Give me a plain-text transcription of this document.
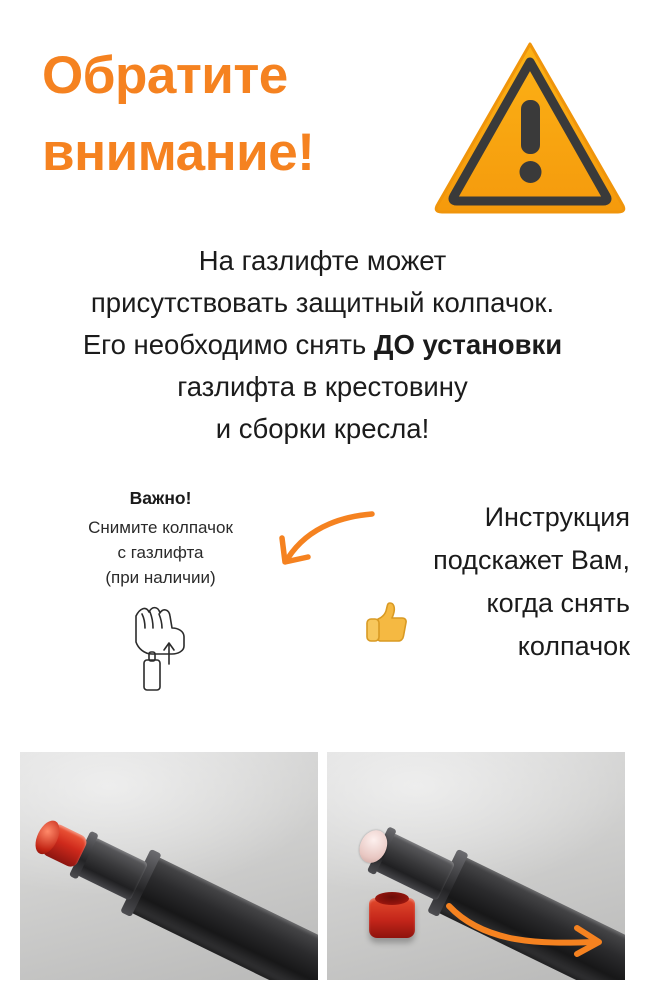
Обратите
внимание!
На газлифте может
присутствовать защитный колпачок.
Его необходимо снять ДО установки
газлифта в крестовину
и сборки кресла!
Важно!
Снимите колпачок
с газлифта
(при наличии)
Инструкция
подскажет Вам,
когда снять
колпачок
